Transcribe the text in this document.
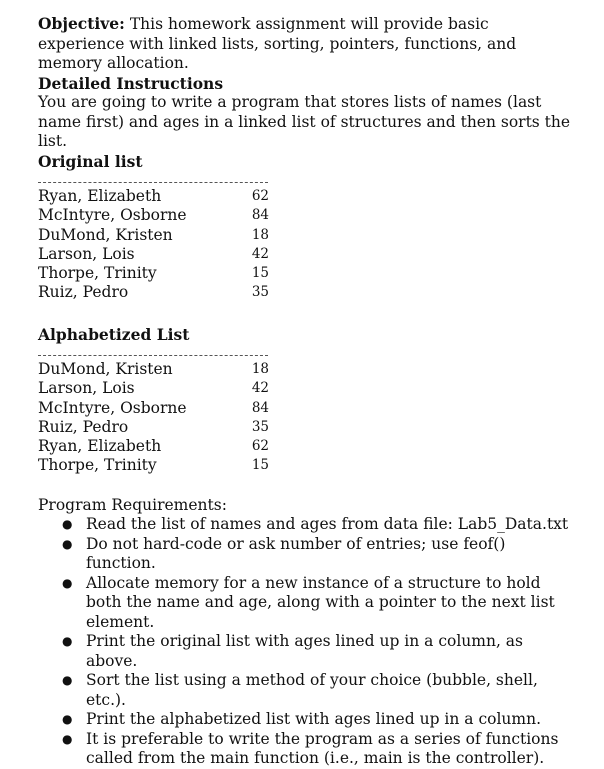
Objective: This homework assignment will provide basic experience with linked lists, sorting, pointers, functions, and memory allocation.

Detailed Instructions

You are going to write a program that stores lists of names (last name first) and ages in a linked list of structures and then sorts the list.

Original list

Ryan, Elizabeth	62
McIntyre, Osborne	84
DuMond, Kristen	18
Larson, Lois	42
Thorpe, Trinity	15
Ruiz, Pedro	35

Alphabetized List

DuMond, Kristen	18
Larson, Lois	42
McIntyre, Osborne	84
Ruiz, Pedro	35
Ryan, Elizabeth	62
Thorpe, Trinity	15

Program Requirements:

● Read the list of names and ages from data file: Lab5_Data.txt
● Do not hard-code or ask number of entries; use feof() function.
● Allocate memory for a new instance of a structure to hold both the name and age, along with a pointer to the next list element.
● Print the original list with ages lined up in a column, as above.
● Sort the list using a method of your choice (bubble, shell, etc.).
● Print the alphabetized list with ages lined up in a column.
● It is preferable to write the program as a series of functions called from the main function (i.e., main is the controller).
